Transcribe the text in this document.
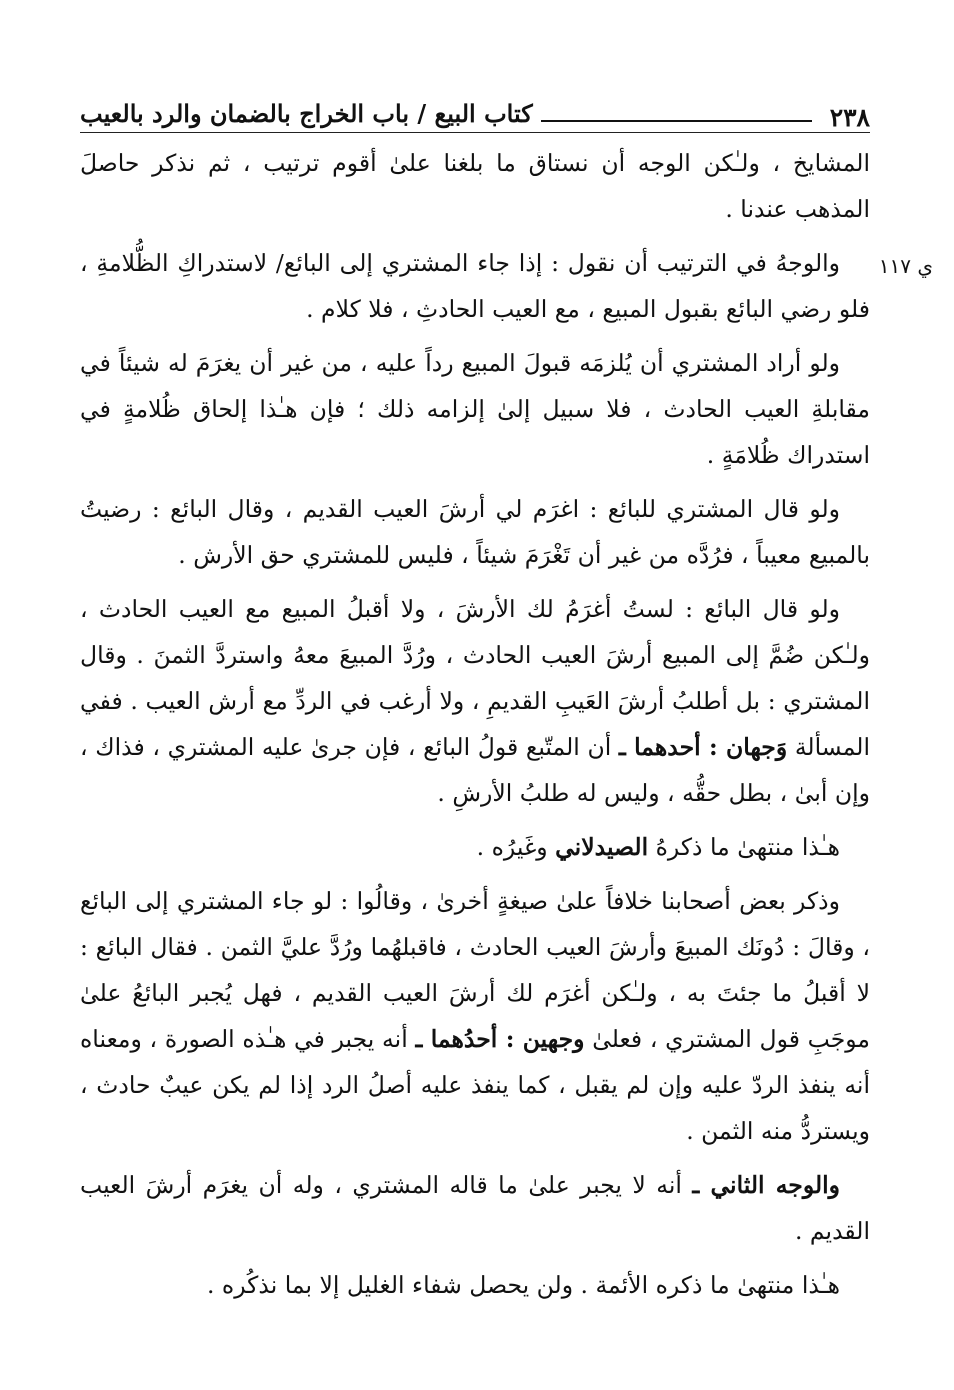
٢٣٨
كتاب البيع / باب الخراج بالضمان والرد بالعيب
ي ١١٧

المشايخ ، ولـٰكن الوجه أن نستاق ما بلغنا علىٰ أقوم ترتيب ، ثم نذكر حاصلَ المذهب عندنا .

والوجهُ في الترتيب أن نقول : إذا جاء المشتري إلى البائع/ لاستدراكِ الظُّلامةِ ، فلو رضي البائع بقبول المبيع ، مع العيب الحادثِ ، فلا كلام .

ولو أراد المشتري أن يُلزمَه قبولَ المبيع رداً عليه ، من غير أن يغرَمَ له شيئاً في مقابلةِ العيب الحادث ، فلا سبيل إلىٰ إلزامه ذلك ؛ فإن هـٰذا إلحاق ظُلامةٍ في استدراك ظُلامَةٍ .

ولو قال المشتري للبائع : اغرَم لي أرشَ العيب القديم ، وقال البائع : رضيتُ بالمبيع معيباً ، فرُدَّه من غير أن تَغْرَمَ شيئاً ، فليس للمشتري حق الأرش .

ولو قال البائع : لستُ أغرَمُ لك الأرشَ ، ولا أقبلُ المبيع مع العيب الحادث ، ولـٰكن ضُمَّ إلى المبيع أرشَ العيب الحادث ، ورُدَّ المبيعَ معهُ واستردَّ الثمنَ . وقال المشتري : بل أطلبُ أرشَ العَيبِ القديمِ ، ولا أرغب في الردِّ مع أرش العيب . ففي المسألة وَجهان : أحدهما ـ أن المتّبع قولُ البائع ، فإن جرىٰ عليه المشتري ، فذاك ، وإن أبىٰ ، بطل حقُّه ، وليس له طلبُ الأرشِ .

هـٰذا منتهىٰ ما ذكرهُ الصيدلاني وغَيرُه .

وذكر بعض أصحابنا خلافاً علىٰ صيغةٍ أخرىٰ ، وقالُوا : لو جاء المشتري إلى البائع ، وقالَ : دُونَك المبيعَ وأرشَ العيب الحادث ، فاقبلهُما ورُدَّ عليَّ الثمن . فقال البائع : لا أقبلُ ما جئتَ به ، ولـٰكن أغرَم لك أرشَ العيب القديم ، فهل يُجبر البائعُ علىٰ موجَبِ قول المشتري ، فعلىٰ وجهين : أحدُهما ـ أنه يجبر في هـٰذه الصورة ، ومعناه أنه ينفذ الردّ عليه وإن لم يقبل ، كما ينفذ عليه أصلُ الرد إذا لم يكن عيبٌ حادث ، ويستردُّ منه الثمن .

والوجه الثاني ـ أنه لا يجبر علىٰ ما قاله المشتري ، وله أن يغرَم أرشَ العيب القديم .

هـٰذا منتهىٰ ما ذكره الأئمة . ولن يحصل شفاء الغليل إلا بما نذكُره .
